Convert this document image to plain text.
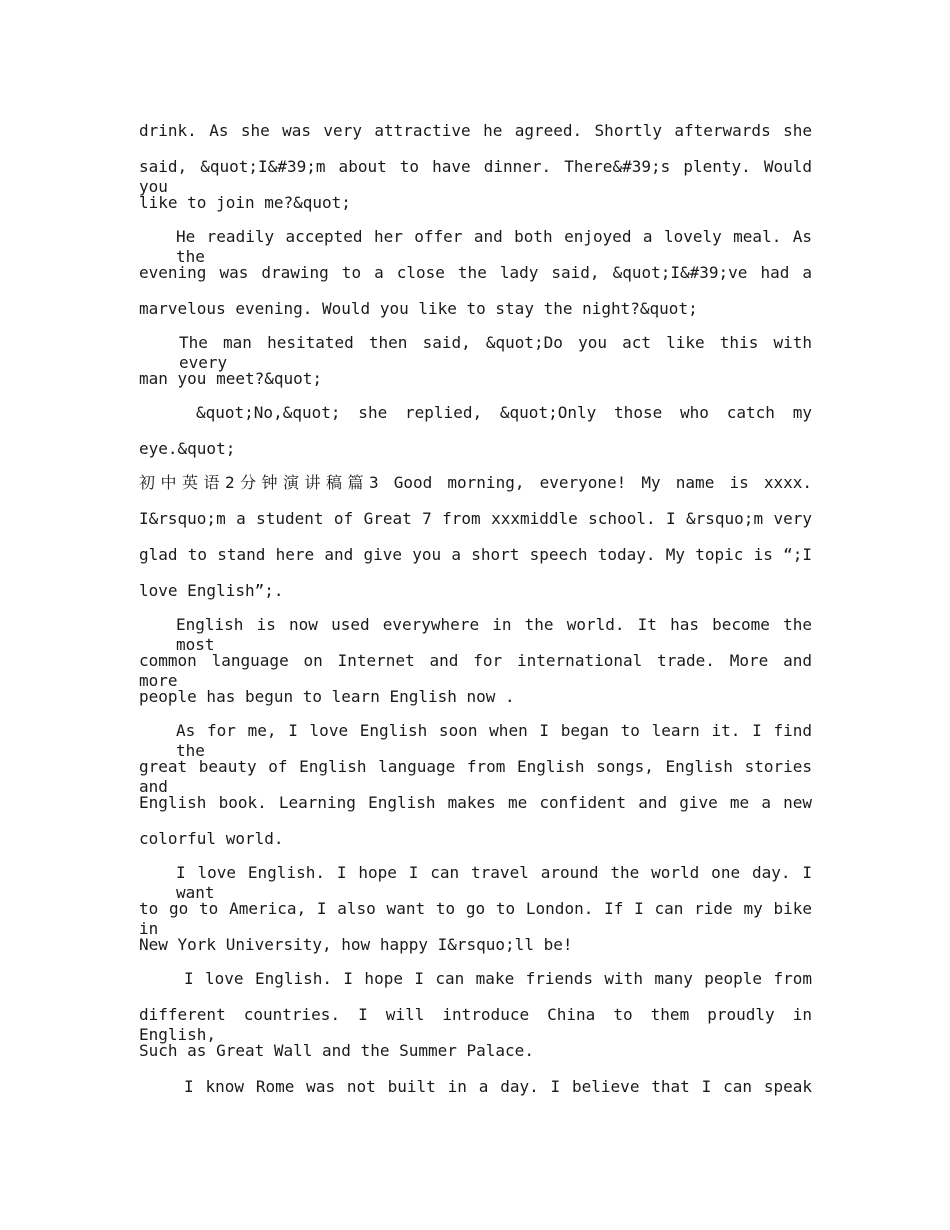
drink. As she was very attractive he agreed. Shortly afterwards she
said, &quot;I&#39;m about to have dinner. There&#39;s plenty. Would you
like to join me?&quot;
He readily accepted her offer and both enjoyed a lovely meal. As the
evening was drawing to a close the lady said, &quot;I&#39;ve had a
marvelous evening. Would you like to stay the night?&quot;
The man hesitated then said, &quot;Do you act like this with every
man you meet?&quot;
&quot;No,&quot; she replied, &quot;Only those who catch my
eye.&quot;
初中英语2分钟演讲稿篇3 Good morning, everyone! My name is xxxx.
I&rsquo;m a student of Great 7 from xxxmiddle school. I &rsquo;m very
glad to stand here and give you a short speech today. My topic is “;I
love English”;.
English is now used everywhere in the world. It has become the most
common language on Internet and for international trade. More and more
people has begun to learn English now .
As for me, I love English soon when I began to learn it. I find the
great beauty of English language from English songs, English stories and
English book. Learning English makes me confident and give me a new
colorful world.
I love English. I hope I can travel around the world one day. I want
to go to America, I also want to go to London. If I can ride my bike in
New York University, how happy I&rsquo;ll be!
I love English. I hope I can make friends with many people from
different countries. I will introduce China to them proudly in English,
Such as Great Wall and the Summer Palace.
I know Rome was not built in a day. I believe that I can speak
